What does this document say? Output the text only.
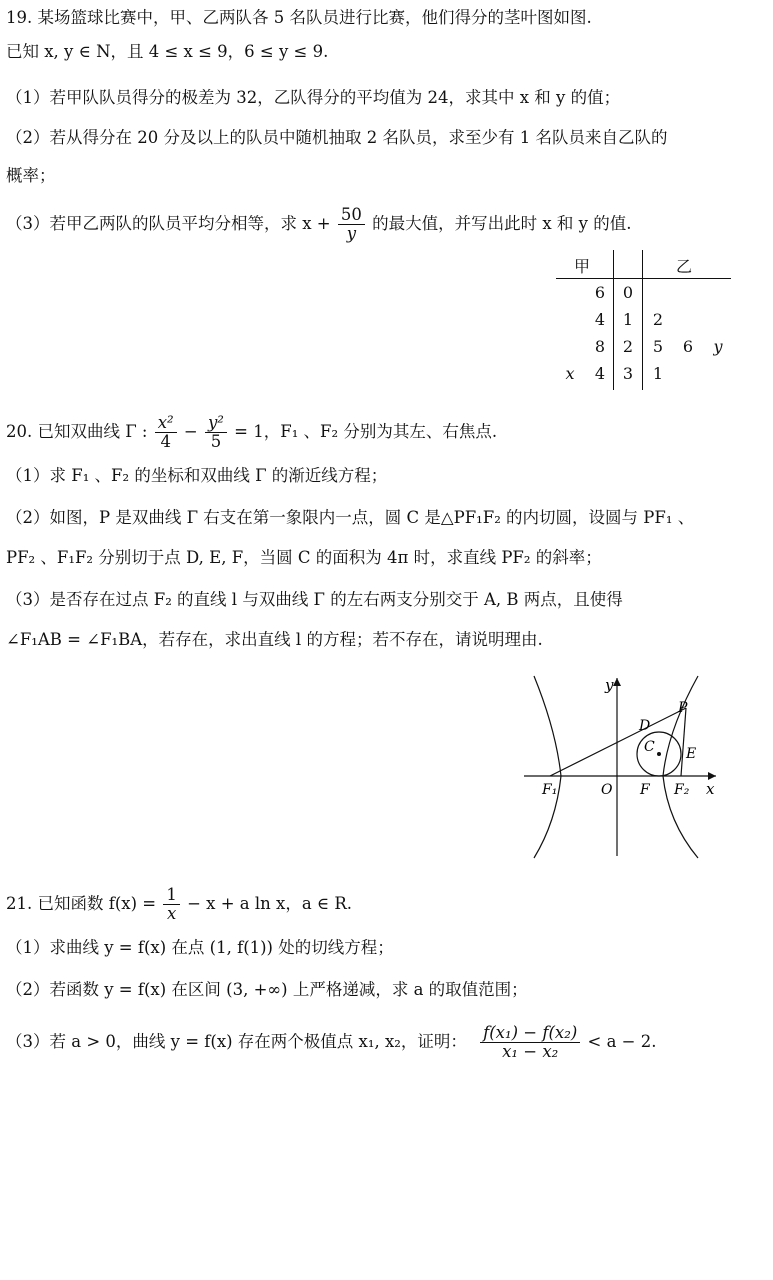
19. 某场篮球比赛中，甲、乙两队各 5 名队员进行比赛，他们得分的茎叶图如图.
已知 x, y ∈ N，且 4 ≤ x ≤ 9，6 ≤ y ≤ 9.
（1）若甲队队员得分的极差为 32，乙队得分的平均值为 24，求其中 x 和 y 的值；
（2）若从得分在 20 分及以上的队员中随机抽取 2 名队员，求至少有 1 名队员来自乙队的
概率；
（3）若甲乙两队的队员平均分相等，求 $x + \frac{50}{y}$ 的最大值，并写出此时 x 和 y 的值.
甲	乙
6	0
4	1	2
8	2	5	6	y
x	4	3	1
20. 已知双曲线 Γ : $\frac{\text{x²}}{4} - \frac{\text{y²}}{5} = 1$，F₁ 、F₂ 分别为其左、右焦点.
（1）求 F₁ 、F₂ 的坐标和双曲线 Γ 的渐近线方程；
（2）如图，P 是双曲线 Γ 右支在第一象限内一点，圆 C 是△PF₁F₂ 的内切圆，设圆与 PF₁ 、
PF₂ 、F₁F₂ 分别切于点 D, E, F，当圆 C 的面积为 4π 时，求直线 PF₂ 的斜率；
（3）是否存在过点 F₂ 的直线 l 与双曲线 Γ 的左右两支分别交于 A, B 两点，且使得
∠F₁AB = ∠F₁BA，若存在，求出直线 l 的方程；若不存在，请说明理由.
y
x
P
D
C E
F₁	O F F₂
21. 已知函数 $f(x) = \frac{1}{x} - x + a$ ln x，a ∈ R.
（1）求曲线 y = f(x) 在点 (1, f(1)) 处的切线方程；
（2）若函数 y = f(x) 在区间 (3, +∞) 上严格递减，求 a 的取值范围；
（3）若 a > 0，曲线 y = f(x) 存在两个极值点 x₁, x₂，证明： $\frac{\text{f(x₁) − f(x₂)}}{\text{x₁ − x₂}} < a - 2$.
